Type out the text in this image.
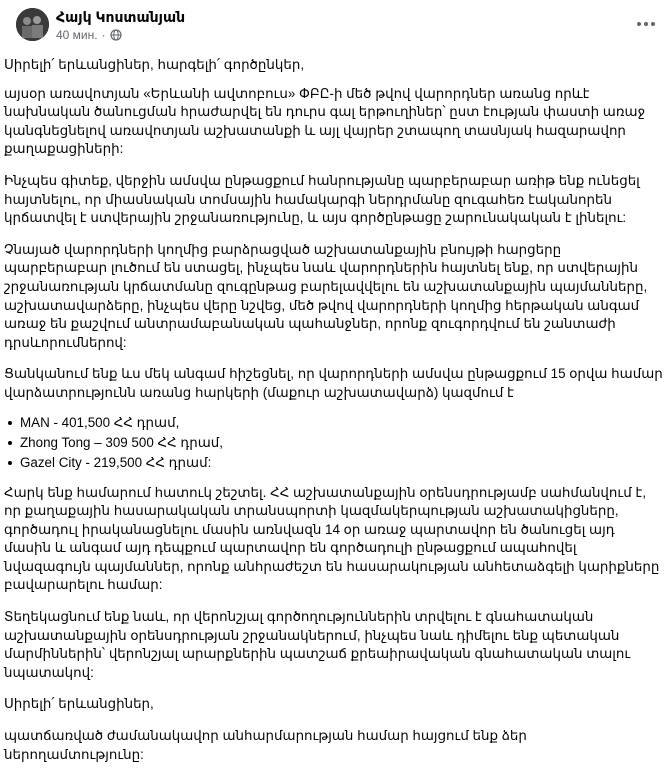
Հայկ Կոստանյան
40 мин. ·

Սիրելի՛ երևանցիներ, հարգելի՛ գործընկեր,

այսօր առավոտյան «Երևանի ավտոբուս» ՓԲԸ-ի մեծ թվով վարորդներ առանց որևէ նախնական ծանուցման հրաժարվել են դուրս գալ երթուղիներ՝ ըստ էության փաստի առաջ կանգնեցնելով առավոտյան աշխատանքի և այլ վայրեր շտապող տասնյակ հազարավոր քաղաքացիների:

Ինչպես գիտեք, վերջին ամսվա ընթացքում հանրությանը պարբերաբար առիթ ենք ունեցել հայտնելու, որ միասնական տոմսային համակարգի ներդրմանը զուգահեռ էականորեն կրճատվել է ստվերային շրջանառությունը, և այս գործընթացը շարունակական է լինելու:

Չնայած վարորդների կողմից բարձրացված աշխատանքային բնույթի հարցերը պարբերաբար լուծում են ստացել, ինչպես նաև վարորդներին հայտնել ենք, որ ստվերային շրջանառության կրճատմանը զուգընթաց բարելավվելու են աշխատանքային պայմանները, աշխատավարձերը, ինչպես վերը նշվեց, մեծ թվով վարորդների կողմից հերթական անգամ առաջ են քաշվում անտրամաբանական պահանջներ, որոնք զուգորդվում են շանտաժի դրսևորումներով:

Ցանկանում ենք ևս մեկ անգամ հիշեցնել, որ վարորդների ամսվա ընթացքում 15 օրվա համար վարձատրությունն առանց հարկերի (մաքուր աշխատավարձ) կազմում է

MAN - 401,500 ՀՀ դրամ,
Zhong Tong – 309 500 ՀՀ դրամ,
Gazel City - 219,500 ՀՀ դրամ:

Հարկ ենք համարում հատուկ շեշտել. ՀՀ աշխատանքային օրենսդրությամբ սահմանվում է, որ քաղաքային հասարակական տրանսպորտի կազմակերպության աշխատակիցները, գործադուլ իրականացնելու մասին առնվազն 14 օր առաջ պարտավոր են ծանուցել այդ մասին և անգամ այդ դեպքում պարտավոր են գործադուլի ընթացքում ապահովել նվազագույն պայմաններ, որոնք անհրաժեշտ են հասարակության անհետաձգելի կարիքները բավարարելու համար:

Տեղեկացնում ենք նաև, որ վերոնշյալ գործողություններին տրվելու է գնահատական աշխատանքային օրենսդրության շրջանակներում, ինչպես նաև դիմելու ենք պետական մարմիններին՝ վերոնշյալ արարքներին պատշաճ քրեաիրավական գնահատական տալու նպատակով:

Սիրելի՛ երևանցիներ,

պատճառված ժամանակավոր անհարմարության համար հայցում ենք ձեր ներողամտությունը:
